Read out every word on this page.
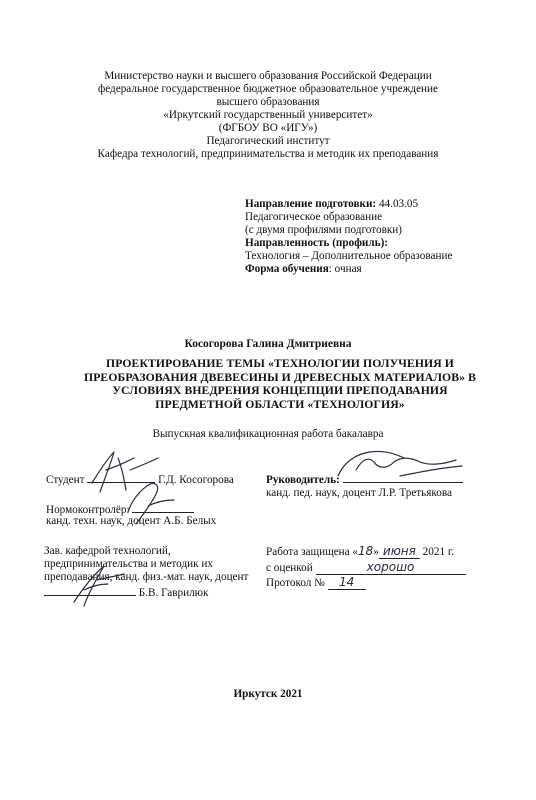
Министерство науки и высшего образования Российской Федерации
федеральное государственное бюджетное образовательное учреждение
высшего образования
«Иркутский государственный университет»
(ФГБОУ ВО «ИГУ»)
Педагогический институт
Кафедра технологий, предпринимательства и методик их преподавания
Направление подготовки: 44.03.05
Педагогическое образование
(с двумя профилями подготовки)
Направленность (профиль):
Технология – Дополнительное образование
Форма обучения: очная
Косогорова Галина Дмитриевна
ПРОЕКТИРОВАНИЕ ТЕМЫ «ТЕХНОЛОГИИ ПОЛУЧЕНИЯ И ПРЕОБРАЗОВАНИЯ ДВЕВЕСИНЫ И ДРЕВЕСНЫХ МАТЕРИАЛОВ» В УСЛОВИЯХ ВНЕДРЕНИЯ КОНЦЕПЦИИ ПРЕПОДАВАНИЯ ПРЕДМЕТНОЙ ОБЛАСТИ «ТЕХНОЛОГИЯ»
Выпускная квалификационная работа бакалавра
Студент	Г.Д. Косогорова	Руководитель:
канд. пед. наук, доцент Л.Р. Третьякова
Нормоконтролёр:
канд. техн. наук, доцент А.Б. Белых
Зав. кафедрой технологий,
предпринимательства и методик их
преподавания, канд. физ.-мат. наук, доцент
Б.В. Гаврилюк
Работа защищена «18» июня 2021 г.
с оценкой	хорошо
Протокол № 14
Иркутск 2021
